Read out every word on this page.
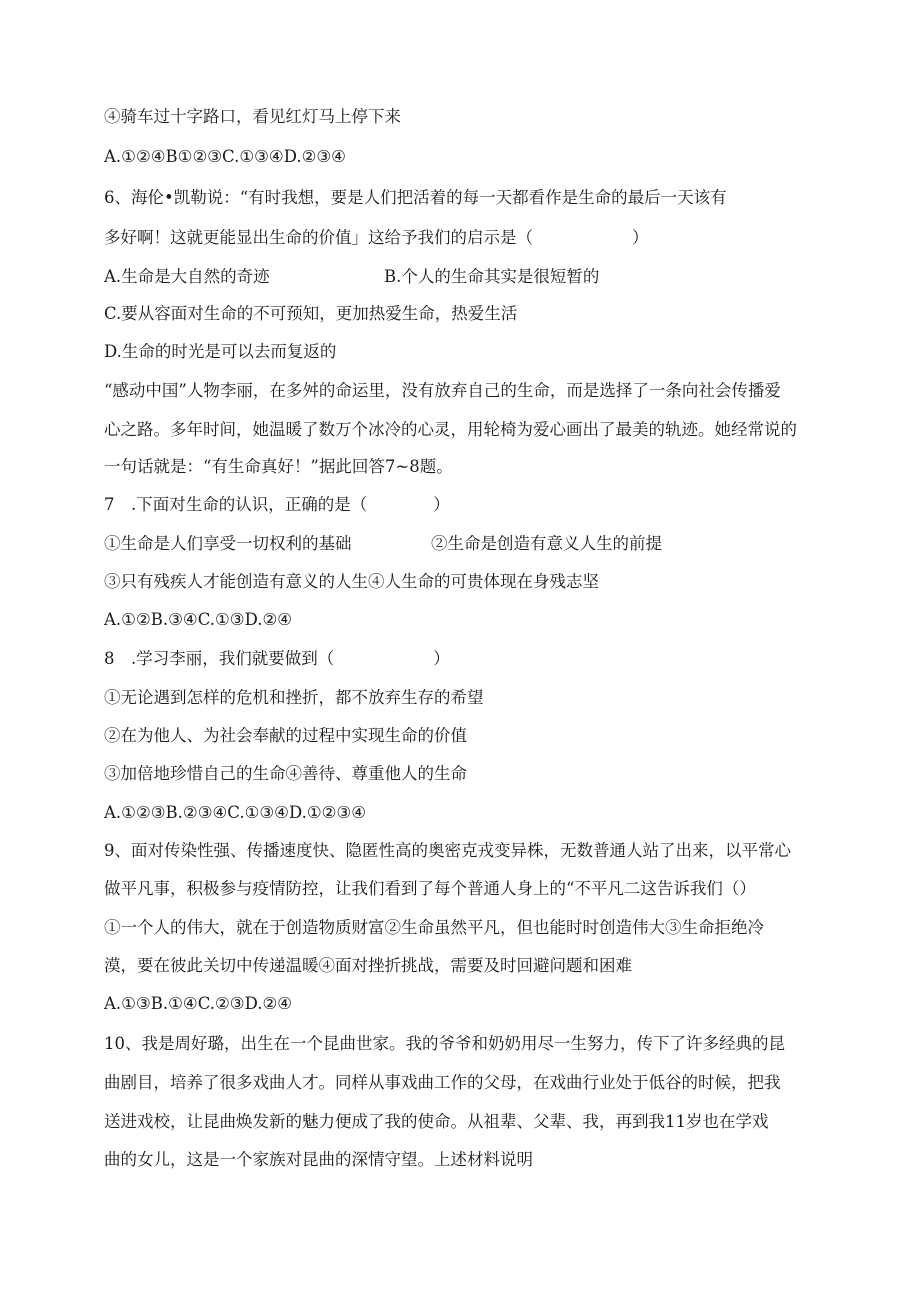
④骑车过十字路口，看见红灯马上停下来
A.①②④B①②③C.①③④D.②③④
6、海伦•凯勒说：“有时我想，要是人们把活着的每一天都看作是生命的最后一天该有
多好啊！这就更能显出生命的价值」这给予我们的启示是（　　　　　　）
A.生命是大自然的奇迹	B.个人的生命其实是很短暂的
C.要从容面对生命的不可预知，更加热爱生命，热爱生活
D.生命的时光是可以去而复返的
“感动中国”人物李丽，在多舛的命运里，没有放弃自己的生命，而是选择了一条向社会传播爱
心之路。多年时间，她温暖了数万个冰冷的心灵，用轮椅为爱心画出了最美的轨迹。她经常说的
一句话就是：“有生命真好！”据此回答7~8题。
7　.下面对生命的认识，正确的是（　　　　）
①生命是人们享受一切权利的基础	②生命是创造有意义人生的前提
③只有残疾人才能创造有意义的人生④人生命的可贵体现在身残志坚
A.①②B.③④C.①③D.②④
8　.学习李丽，我们就要做到（　　　　　　）
①无论遇到怎样的危机和挫折，都不放弃生存的希望
②在为他人、为社会奉献的过程中实现生命的价值
③加倍地珍惜自己的生命④善待、尊重他人的生命
A.①②③B.②③④C.①③④D.①②③④
9、面对传染性强、传播速度快、隐匿性高的奥密克戎变异株，无数普通人站了出来，以平常心
做平凡事，积极参与疫情防控，让我们看到了每个普通人身上的“不平凡二这告诉我们（）
①一个人的伟大，就在于创造物质财富②生命虽然平凡，但也能时时创造伟大③生命拒绝冷
漠，要在彼此关切中传递温暖④面对挫折挑战，需要及时回避问题和困难
A.①③B.①④C.②③D.②④
10、我是周好璐，出生在一个昆曲世家。我的爷爷和奶奶用尽一生努力，传下了许多经典的昆
曲剧目，培养了很多戏曲人才。同样从事戏曲工作的父母，在戏曲行业处于低谷的时候，把我
送进戏校，让昆曲焕发新的魅力便成了我的使命。从祖辈、父辈、我，再到我11岁也在学戏
曲的女儿，这是一个家族对昆曲的深情守望。上述材料说明
